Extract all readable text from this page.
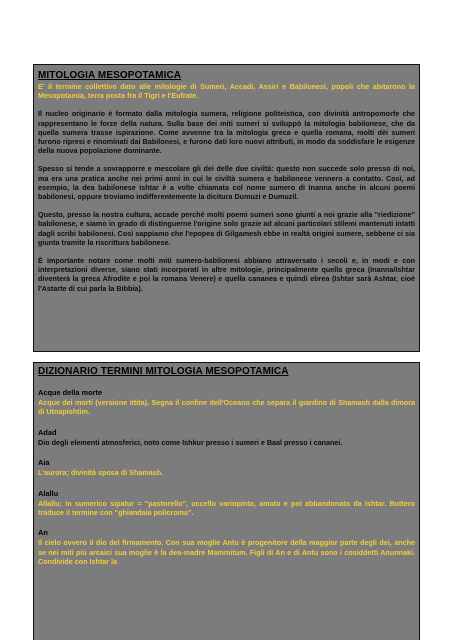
MITOLOGIA MESOPOTAMICA

E' il termine collettivo dato alle mitologie di Sumeri, Accadi, Assiri e Babilonesi, popoli che abitarono la Mesopotamia, terra posta fra il Tigri e l'Eufrate.

Il nucleo originario è formato dalla mitologia sumera, religione politeistica, con divinità antropomorfe che rappresentano le forze della natura. Sulla base dei miti sumeri si sviluppò la mitologia babilonese, che da quella sumera trasse ispirazione. Come avvenne tra la mitologia greca e quella romana, molti dèi sumeri furono ripresi e rinominati dai Babilonesi, e furono dati loro nuovi attributi, in modo da soddisfare le esigenze della nuova popolazione dominante.

Spesso si tende a sovrapporre e mescolare gli dei delle due civiltà: questo non succede solo presso di noi, ma era una pratica anche nei primi anni in cui le civiltà sumera e babilonese vennero a contatto. Così, ad esempio, la dea babilonese Ishtar è a volte chiamata col nome sumero di Inanna anche in alcuni poemi babilonesi, oppure troviamo indifferentemente la dicitura Dumuzi e Dumuzil.

Questo, presso la nostra cultura, accade perché molti poemi sumeri sono giunti a noi grazie alla "riedizione" babilonese, e siamo in grado di distinguerne l'origine solo grazie ad alcuni particolari stilemi mantenuti intatti dagli scribi babilonesi. Così sappiamo che l'epopea di Gilgamesh ebbe in realtà origini sumere, sebbene ci sia giunta tramite la riscrittura babilonese.

È importante notare come molti miti sumero-babilonesi abbiano attraversato i secoli e, in modi e con interpretazioni diverse, siano stati incorporati in altre mitologie, principalmente quella greca (Inanna/Ishtar diventerà la greca Afrodite e poi la romana Venere) e quella cananea e quindi ebrea (Ishtar sarà Ashtar, cioè l'Astarte di cui parla la Bibbia).

DIZIONARIO TERMINI MITOLOGIA MESOPOTAMICA
Acque della morte
Acque dei morti (versione ittita). Segna il confine dell'Oceano che separa il giardino di Shamash dalla dimora di Utnapishtim.
Adad
Dio degli elementi atmosferici, noto come Ishkur presso i sumeri e Baal presso i cananei.
Aia
L'aurora; divinità sposa di Shamash.
Alallu
Allallu; in sumerico sipatur = "pastorello", uccello variopinto, amato e poi abbandonato da Ishtar. Bottero traduce il termine con "ghiandaia policroma".
An
Il cielo ovvero il dio del firmamento. Con sua moglie Antu è progenitore della maggior parte degli dei, anche se nei miti più arcaici sua moglie è la dea-madre Mammitum. Figli di An e di Antu sono i cosiddetti Anunnaki. Condivide con Ishtar la
